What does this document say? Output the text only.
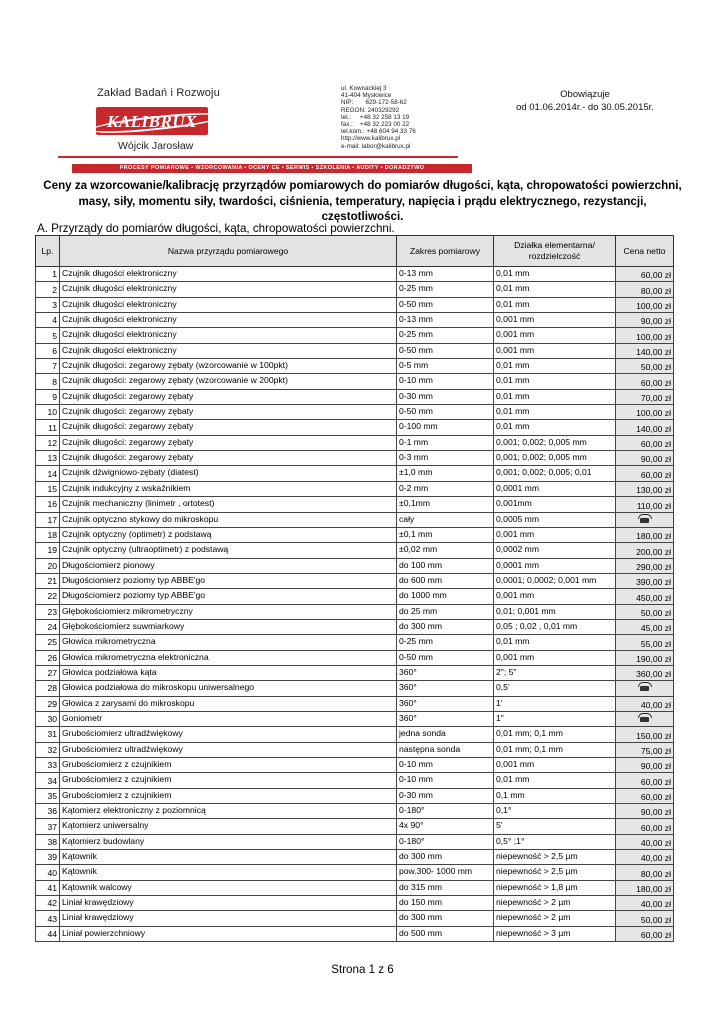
Zakład Badań i Rozwoju
KALIBRUX
Wójcik Jarosław
ul. Kownackiej 3
41-404 Mysłowice
NIP:       629-172-58-62
REGON: 240329292
tel.:     +48 32 258 13 19
fax.:    +48 32 223 00 22
tel.kom.: +48 604 94 33 76
http://www.kalibrux.pl
e-mail: labor@kalibrux.pl
Obowiązuje
od 01.06.2014r.- do 30.05.2015r.
PROCESY POMIAROWE • WZORCOWANIA • OCENY CE • SERWIS • SZKOLENIA • AUDITY • DORADZTWO
Ceny za wzorcowanie/kalibrację przyrządów pomiarowych do pomiarów długości, kąta, chropowatości powierzchni, masy, siły, momentu siły, twardości, ciśnienia, temperatury, napięcia i prądu elektrycznego, rezystancji, częstotliwości.
A. Przyrządy do pomiarów długości, kąta, chropowatości powierzchni.
Lp.	Nazwa przyrządu pomiarowego	Zakres pomiarowy	Działka elementarna/ rozdzielczość	Cena netto
1	Czujnik długości elektroniczny	0-13 mm	0,01 mm	60,00 zł
2	Czujnik długości elektroniczny	0-25 mm	0,01 mm	80,00 zł
3	Czujnik długości elektroniczny	0-50 mm	0,01 mm	100,00 zł
4	Czujnik długości elektroniczny	0-13 mm	0,001 mm	90,00 zł
5	Czujnik długości elektroniczny	0-25 mm	0,001 mm	100,00 zł
6	Czujnik długości elektroniczny	0-50 mm	0,001 mm	140,00 zł
7	Czujnik długości: zegarowy zębaty (wzorcowanie w 100pkt)	0-5 mm	0,01 mm	50,00 zł
8	Czujnik długości: zegarowy zębaty (wzorcowanie w 200pkt)	0-10 mm	0,01 mm	60,00 zł
9	Czujnik długości: zegarowy zębaty	0-30 mm	0,01 mm	70,00 zł
10	Czujnik długości: zegarowy zębaty	0-50 mm	0,01 mm	100,00 zł
11	Czujnik długości: zegarowy zębaty	0-100 mm	0,01 mm	140,00 zł
12	Czujnik długości: zegarowy zębaty	0-1 mm	0,001; 0,002; 0,005 mm	60,00 zł
13	Czujnik długości: zegarowy zębaty	0-3 mm	0,001; 0,002; 0,005 mm	90,00 zł
14	Czujnik dźwigniowo-zębaty (diatest)	±1,0 mm	0,001; 0,002; 0,005; 0,01	60,00 zł
15	Czujnik indukcyjny z wskaźnikiem	0-2 mm	0,0001 mm	130,00 zł
16	Czujnik mechaniczny (linimetr , ortotest)	±0,1mm	0,001mm	110,00 zł
17	Czujnik optyczno stykowy do mikroskopu	cały	0,0005 mm	

18	Czujnik optyczny (optimetr) z podstawą	±0,1 mm	0,001 mm	180,00 zł
19	Czujnik optyczny (ultraoptimetr) z podstawą	±0,02 mm	0,0002 mm	200,00 zł
20	Długościomierz pionowy	do 100 mm	0,0001 mm	290,00 zł
21	Długościomierz poziomy typ ABBE'go	do 600 mm	0,0001; 0,0002; 0,001 mm	390,00 zł
22	Długościomierz poziomy typ ABBE'go	do 1000 mm	0,001 mm	450,00 zł
23	Głębokościomierz mikrometryczny	do 25 mm	0,01; 0,001 mm	50,00 zł
24	Głębokościomierz suwmiarkowy	do 300 mm	0,05 ; 0,02 , 0,01 mm	45,00 zł
25	Głowica mikrometryczna	0-25 mm	0,01 mm	55,00 zł
26	Głowica mikrometryczna elektroniczna	0-50 mm	0,001 mm	190,00 zł
27	Głowica podziałowa kąta	360°	2"; 5"	360,00 zł
28	Głowica podziałowa do mikroskopu uniwersalnego	360°	0,5'	

29	Głowica z zarysami do mikroskopu	360°	1'	40,00 zł
30	Goniometr	360°	1"	

31	Grubościomierz ultradźwiękowy	jedna sonda	0,01 mm; 0,1 mm	150,00 zł
32	Grubościomierz ultradźwiękowy	następna sonda	0,01 mm; 0,1 mm	75,00 zł
33	Grubościomierz z czujnikiem	0-10 mm	0,001 mm	90,00 zł
34	Grubościomierz z czujnikiem	0-10 mm	0,01 mm	60,00 zł
35	Grubościomierz z czujnikiem	0-30 mm	0,1 mm	60,00 zł
36	Kątomierz elektroniczny z poziomnicą	0-180°	0,1°	90,00 zł
37	Kątomierz uniwersalny	4x 90°	5'	60,00 zł
38	Kątomierz budowlany	0-180°	0,5° ;1°	40,00 zł
39	Kątownik	do 300 mm	niepewność > 2,5 µm	40,00 zł
40	Kątownik	pow.300- 1000 mm	niepewność > 2,5 µm	80,00 zł
41	Kątownik walcowy	do 315 mm	niepewność > 1,8 µm	180,00 zł
42	Liniał krawędziowy	do 150 mm	niepewność > 2 µm	40,00 zł
43	Liniał krawędziowy	do 300 mm	niepewność > 2 µm	50,00 zł
44	Liniał powierzchniowy	do 500 mm	niepewność > 3 µm	60,00 zł
Strona 1 z 6
